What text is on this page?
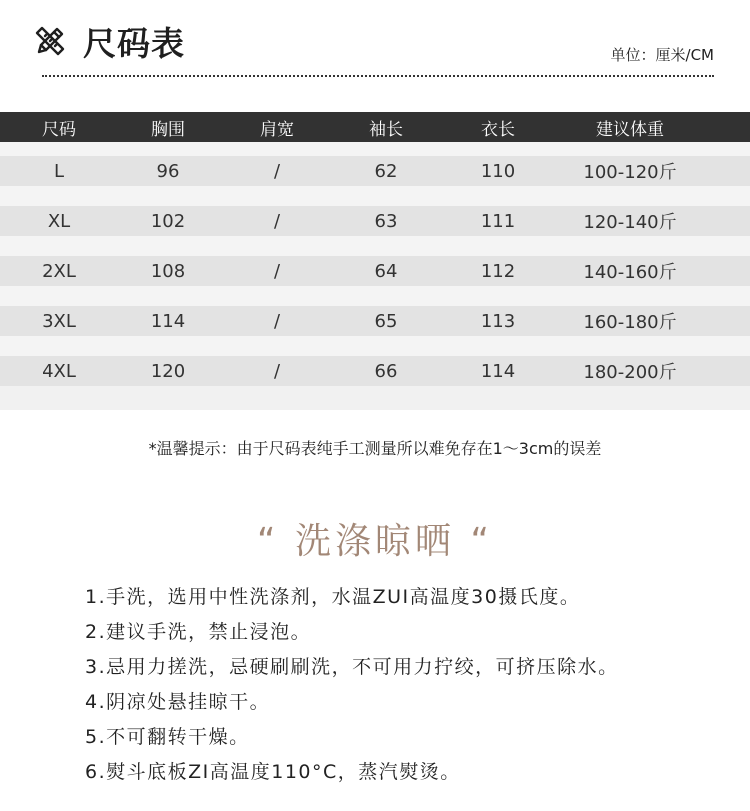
尺码表	单位：厘米/CM
尺码	胸围	肩宽	袖长	衣长	建议体重
L	96	/	62	110	100-120斤
XL	102	/	63	111	120-140斤
2XL	108	/	64	112	140-160斤
3XL	114	/	65	113	160-180斤
4XL	120	/	66	114	180-200斤
*温馨提示：由于尺码表纯手工测量所以难免存在1～3cm的误差
“ 洗涤晾晒 “
1.手洗，选用中性洗涤剂，水温ZUI高温度30摄氏度。
2.建议手洗，禁止浸泡。
3.忌用力搓洗，忌硬刷刷洗，不可用力拧绞，可挤压除水。
4.阴凉处悬挂晾干。
5.不可翻转干燥。
6.熨斗底板ZI高温度110°C，蒸汽熨烫。
